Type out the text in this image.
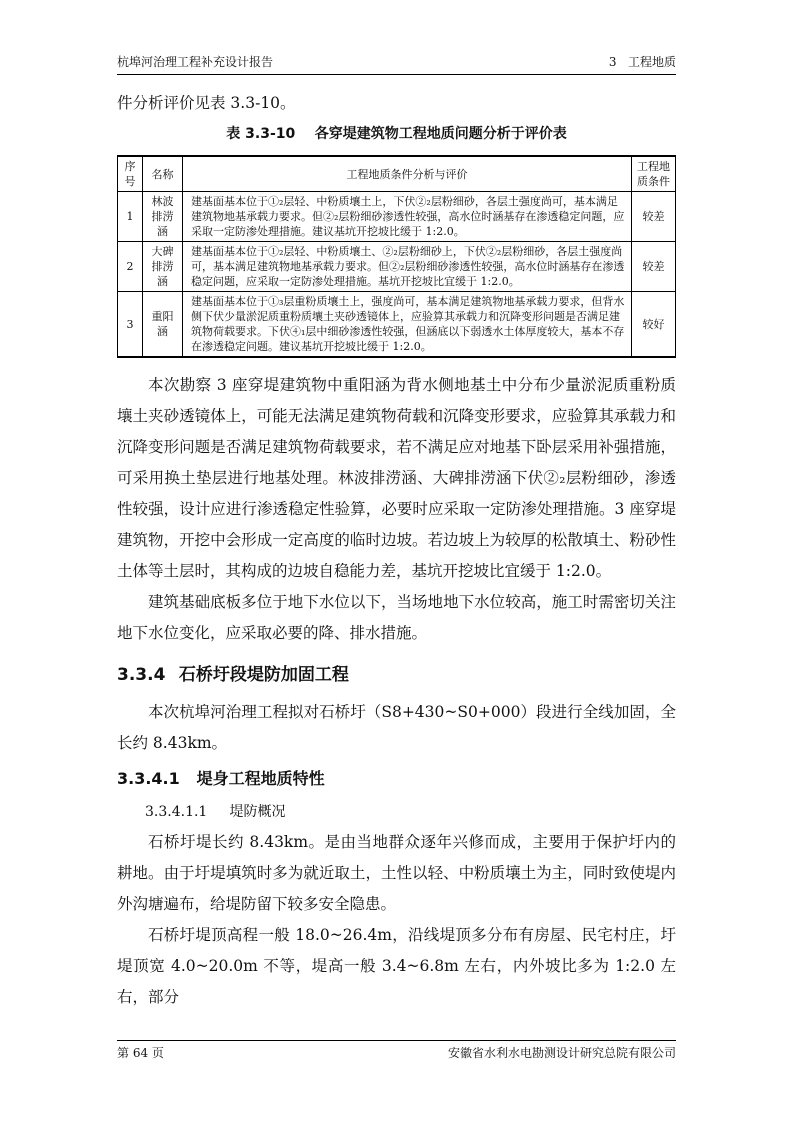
杭埠河治理工程补充设计报告	3   工程地质

件分析评价见表 3.3-10。

表 3.3-10    各穿堤建筑物工程地质问题分析于评价表
序号	名称	工程地质条件分析与评价	工程地质条件
1	林波排涝涵	建基面基本位于①₂层轻、中粉质壤土上，下伏②₂层粉细砂，各层土强度尚可，基本满足建筑物地基承载力要求。但②₂层粉细砂渗透性较强，高水位时涵基存在渗透稳定问题，应采取一定防渗处理措施。建议基坑开挖坡比缓于 1:2.0。	较差
2	大碑排涝涵	建基面基本位于①₂层轻、中粉质壤土、②₂层粉细砂上，下伏②₂层粉细砂，各层土强度尚可，基本满足建筑物地基承载力要求。但②₂层粉细砂渗透性较强，高水位时涵基存在渗透稳定问题，应采取一定防渗处理措施。基坑开挖坡比宜缓于 1:2.0。	较差
3	重阳涵	建基面基本位于①₃层重粉质壤土上，强度尚可，基本满足建筑物地基承载力要求，但背水侧下伏少量淤泥质重粉质壤土夹砂透镜体上，应验算其承载力和沉降变形问题是否满足建筑物荷载要求。下伏④₁层中细砂渗透性较强，但涵底以下弱透水土体厚度较大，基本不存在渗透稳定问题。建议基坑开挖坡比缓于 1:2.0。	较好

本次勘察 3 座穿堤建筑物中重阳涵为背水侧地基土中分布少量淤泥质重粉质壤土夹砂透镜体上，可能无法满足建筑物荷载和沉降变形要求，应验算其承载力和沉降变形问题是否满足建筑物荷载要求，若不满足应对地基下卧层采用补强措施，可采用换土垫层进行地基处理。林波排涝涵、大碑排涝涵下伏②₂层粉细砂，渗透性较强，设计应进行渗透稳定性验算，必要时应采取一定防渗处理措施。3 座穿堤建筑物，开挖中会形成一定高度的临时边坡。若边坡上为较厚的松散填土、粉砂性土体等土层时，其构成的边坡自稳能力差，基坑开挖坡比宜缓于 1:2.0。

建筑基础底板多位于地下水位以下，当场地地下水位较高，施工时需密切关注地下水位变化，应采取必要的降、排水措施。

3.3.4 石桥圩段堤防加固工程

本次杭埠河治理工程拟对石桥圩（S8+430~S0+000）段进行全线加固，全长约 8.43km。

3.3.4.1 堤身工程地质特性
3.3.4.1.1 堤防概况

石桥圩堤长约 8.43km。是由当地群众逐年兴修而成，主要用于保护圩内的耕地。由于圩堤填筑时多为就近取土，土性以轻、中粉质壤土为主，同时致使堤内外沟塘遍布，给堤防留下较多安全隐患。

石桥圩堤顶高程一般 18.0~26.4m，沿线堤顶多分布有房屋、民宅村庄，圩堤顶宽 4.0~20.0m 不等，堤高一般 3.4~6.8m 左右，内外坡比多为 1:2.0 左右，部分

第 64 页	安徽省水利水电勘测设计研究总院有限公司
